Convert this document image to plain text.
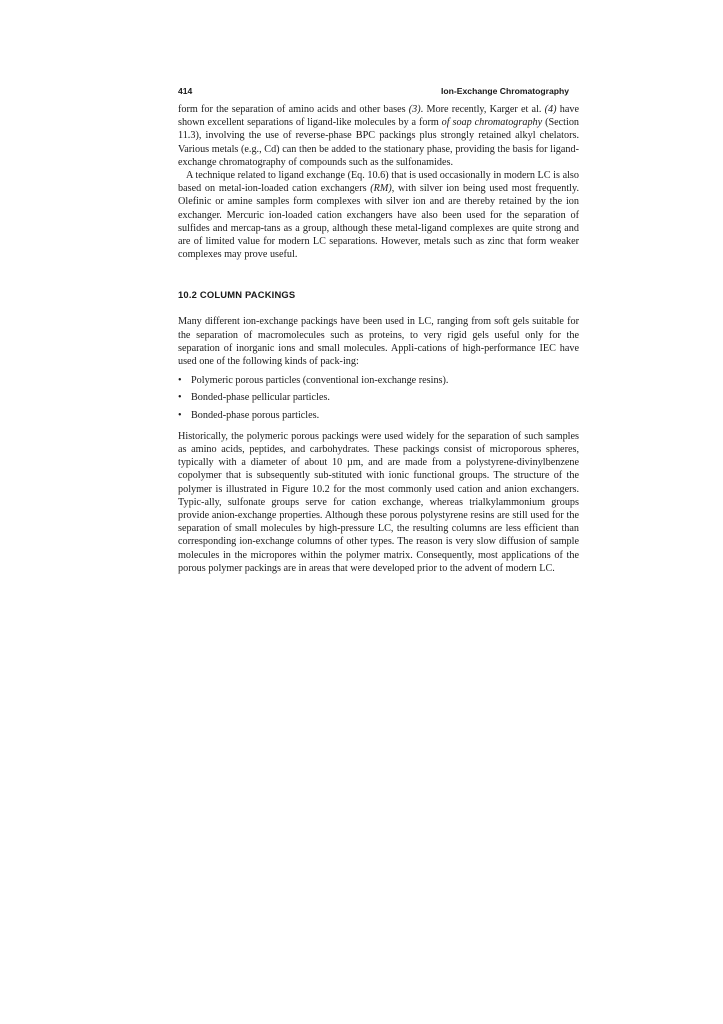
414	Ion-Exchange Chromatography

form for the separation of amino acids and other bases (3). More recently, Karger et al. (4) have shown excellent separations of ligand-like molecules by a form of soap chromatography (Section 11.3), involving the use of reverse-phase BPC packings plus strongly retained alkyl chelators. Various metals (e.g., Cd) can then be added to the stationary phase, providing the basis for ligand-exchange chromatography of compounds such as the sulfonamides.

A technique related to ligand exchange (Eq. 10.6) that is used occasionally in modern LC is also based on metal-ion-loaded cation exchangers (RM), with silver ion being used most frequently. Olefinic or amine samples form complexes with silver ion and are thereby retained by the ion exchanger. Mercuric ion-loaded cation exchangers have also been used for the separation of sulfides and mercap-tans as a group, although these metal-ligand complexes are quite strong and are of limited value for modern LC separations. However, metals such as zinc that form weaker complexes may prove useful.

10.2 COLUMN PACKINGS

Many different ion-exchange packings have been used in LC, ranging from soft gels suitable for the separation of macromolecules such as proteins, to very rigid gels useful only for the separation of inorganic ions and small molecules. Appli-cations of high-performance IEC have used one of the following kinds of pack-ing:

• Polymeric porous particles (conventional ion-exchange resins).
• Bonded-phase pellicular particles.
• Bonded-phase porous particles.

Historically, the polymeric porous packings were used widely for the separation of such samples as amino acids, peptides, and carbohydrates. These packings consist of microporous spheres, typically with a diameter of about 10 µm, and are made from a polystyrene-divinylbenzene copolymer that is subsequently sub-stituted with ionic functional groups. The structure of the polymer is illustrated in Figure 10.2 for the most commonly used cation and anion exchangers. Typic-ally, sulfonate groups serve for cation exchange, whereas trialkylammonium groups provide anion-exchange properties. Although these porous polystyrene resins are still used for the separation of small molecules by high-pressure LC, the resulting columns are less efficient than corresponding ion-exchange columns of other types. The reason is very slow diffusion of sample molecules in the micropores within the polymer matrix. Consequently, most applications of the porous polymer packings are in areas that were developed prior to the advent of modern LC.
